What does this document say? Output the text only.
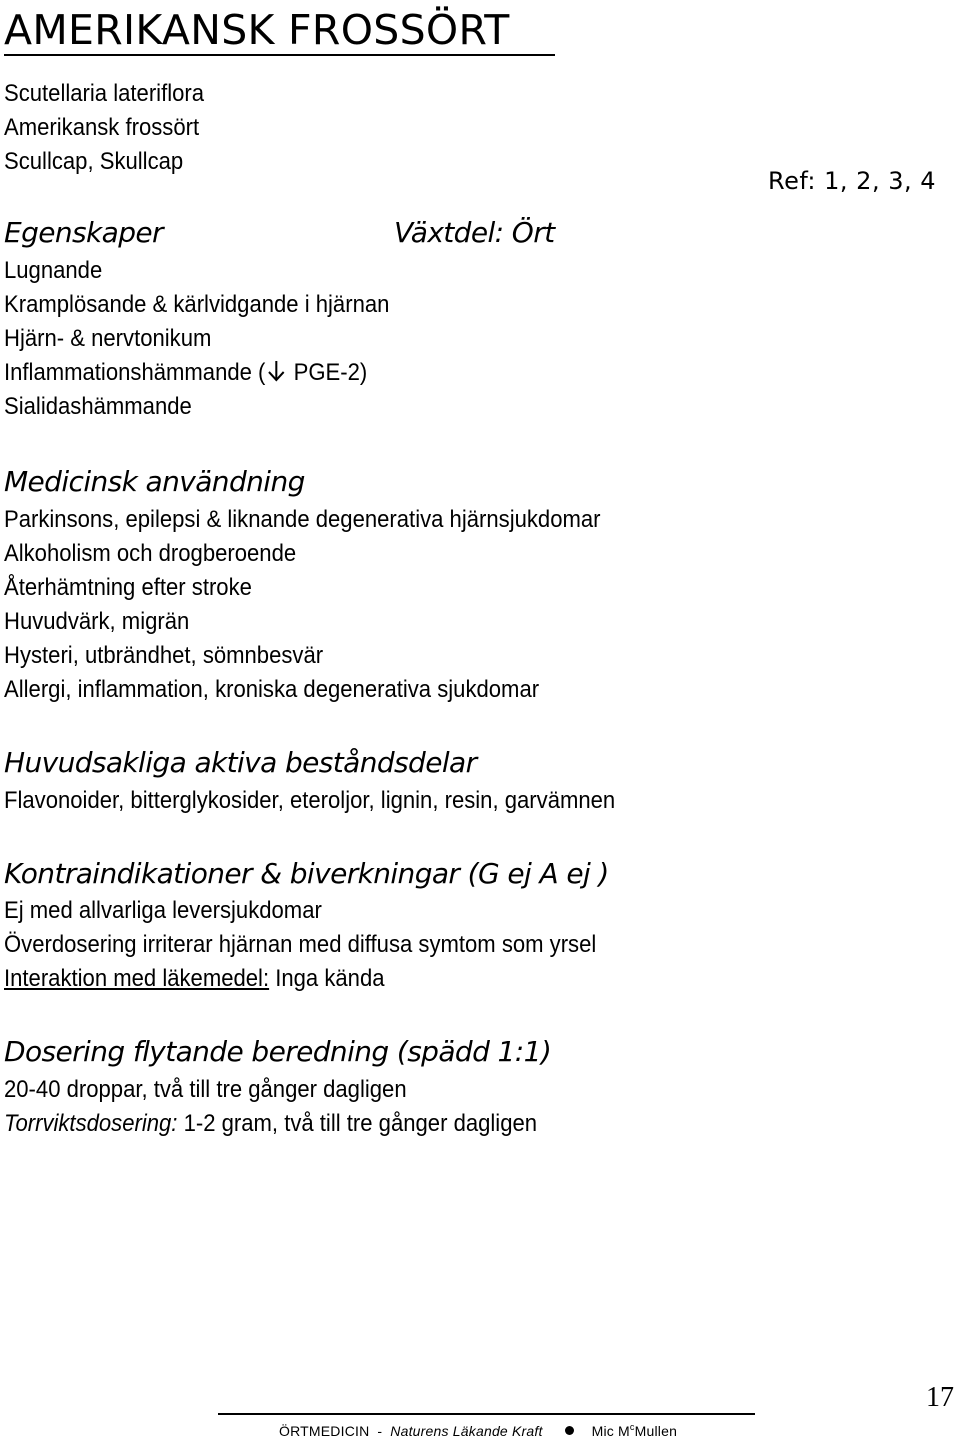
AMERIKANSK FROSSÖRT
Scutellaria lateriflora
Amerikansk frossört
Scullcap, Skullcap
Ref: 1, 2, 3, 4
Egenskaper	Växtdel: Ört
Lugnande
Kramplösande & kärlvidgande i hjärnan
Hjärn- & nervtonikum
Inflammationshämmande ( PGE-2)
Sialidashämmande
Medicinsk användning
Parkinsons, epilepsi & liknande degenerativa hjärnsjukdomar
Alkoholism och drogberoende
Återhämtning efter stroke
Huvudvärk, migrän
Hysteri, utbrändhet, sömnbesvär
Allergi, inflammation, kroniska degenerativa sjukdomar
Huvudsakliga aktiva beståndsdelar
Flavonoider, bitterglykosider, eteroljor, lignin, resin, garvämnen
Kontraindikationer & biverkningar (G ej A ej )
Ej med allvarliga leversjukdomar
Överdosering irriterar hjärnan med diffusa symtom som yrsel
Interaktion med läkemedel: Inga kända
Dosering flytande beredning (spädd 1:1)
20-40 droppar, två till tre gånger dagligen
Torrviktsdosering: 1-2 gram, två till tre gånger dagligen
17
ÖRTMEDICIN - Naturens Läkande Kraft	Mic $M^cMullen$
